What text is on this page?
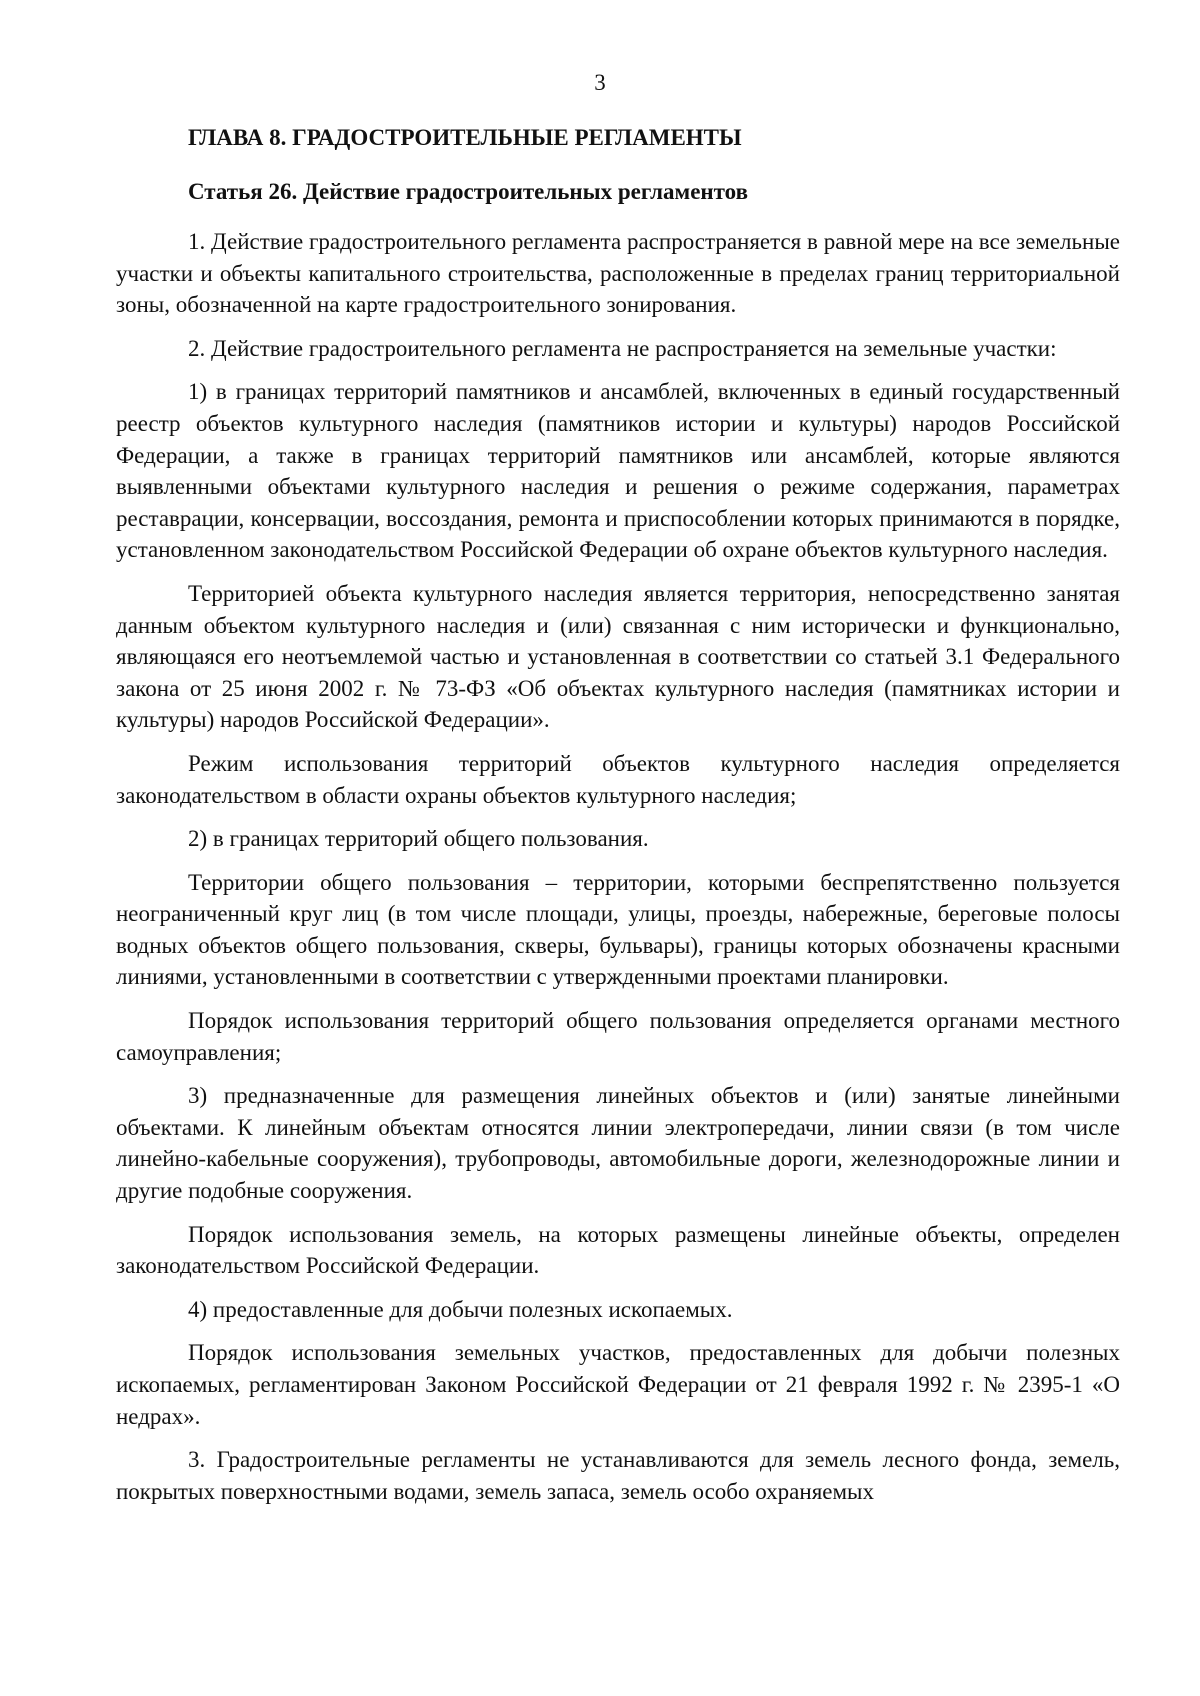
3
ГЛАВА 8. ГРАДОСТРОИТЕЛЬНЫЕ РЕГЛАМЕНТЫ
Статья 26. Действие градостроительных регламентов

1. Действие градостроительного регламента распространяется в равной мере на все земельные участки и объекты капитального строительства, расположенные в пределах границ территориальной зоны, обозначенной на карте градостроительного зонирования.

2. Действие градостроительного регламента не распространяется на земельные участки:

1) в границах территорий памятников и ансамблей, включенных в единый государственный реестр объектов культурного наследия (памятников истории и культуры) народов Российской Федерации, а также в границах территорий памятников или ансамблей, которые являются выявленными объектами культурного наследия и решения о режиме содержания, параметрах реставрации, консервации, воссоздания, ремонта и приспособлении которых принимаются в порядке, установленном законодательством Российской Федерации об охране объектов культурного наследия.

Территорией объекта культурного наследия является территория, непосредственно занятая данным объектом культурного наследия и (или) связанная с ним исторически и функционально, являющаяся его неотъемлемой частью и установленная в соответствии со статьей 3.1 Федерального закона от 25 июня 2002 г. № 73-ФЗ «Об объектах культурного наследия (памятниках истории и культуры) народов Российской Федерации».

Режим использования территорий объектов культурного наследия определяется законодательством в области охраны объектов культурного наследия;

2) в границах территорий общего пользования.

Территории общего пользования – территории, которыми беспрепятственно пользуется неограниченный круг лиц (в том числе площади, улицы, проезды, набережные, береговые полосы водных объектов общего пользования, скверы, бульвары), границы которых обозначены красными линиями, установленными в соответствии с утвержденными проектами планировки.

Порядок использования территорий общего пользования определяется органами местного самоуправления;

3) предназначенные для размещения линейных объектов и (или) занятые линейными объектами. К линейным объектам относятся линии электропередачи, линии связи (в том числе линейно-кабельные сооружения), трубопроводы, автомобильные дороги, железнодорожные линии и другие подобные сооружения.

Порядок использования земель, на которых размещены линейные объекты, определен законодательством Российской Федерации.

4) предоставленные для добычи полезных ископаемых.

Порядок использования земельных участков, предоставленных для добычи полезных ископаемых, регламентирован Законом Российской Федерации от 21 февраля 1992 г. № 2395-1 «О недрах».

3. Градостроительные регламенты не устанавливаются для земель лесного фонда, земель, покрытых поверхностными водами, земель запаса, земель особо охраняемых
